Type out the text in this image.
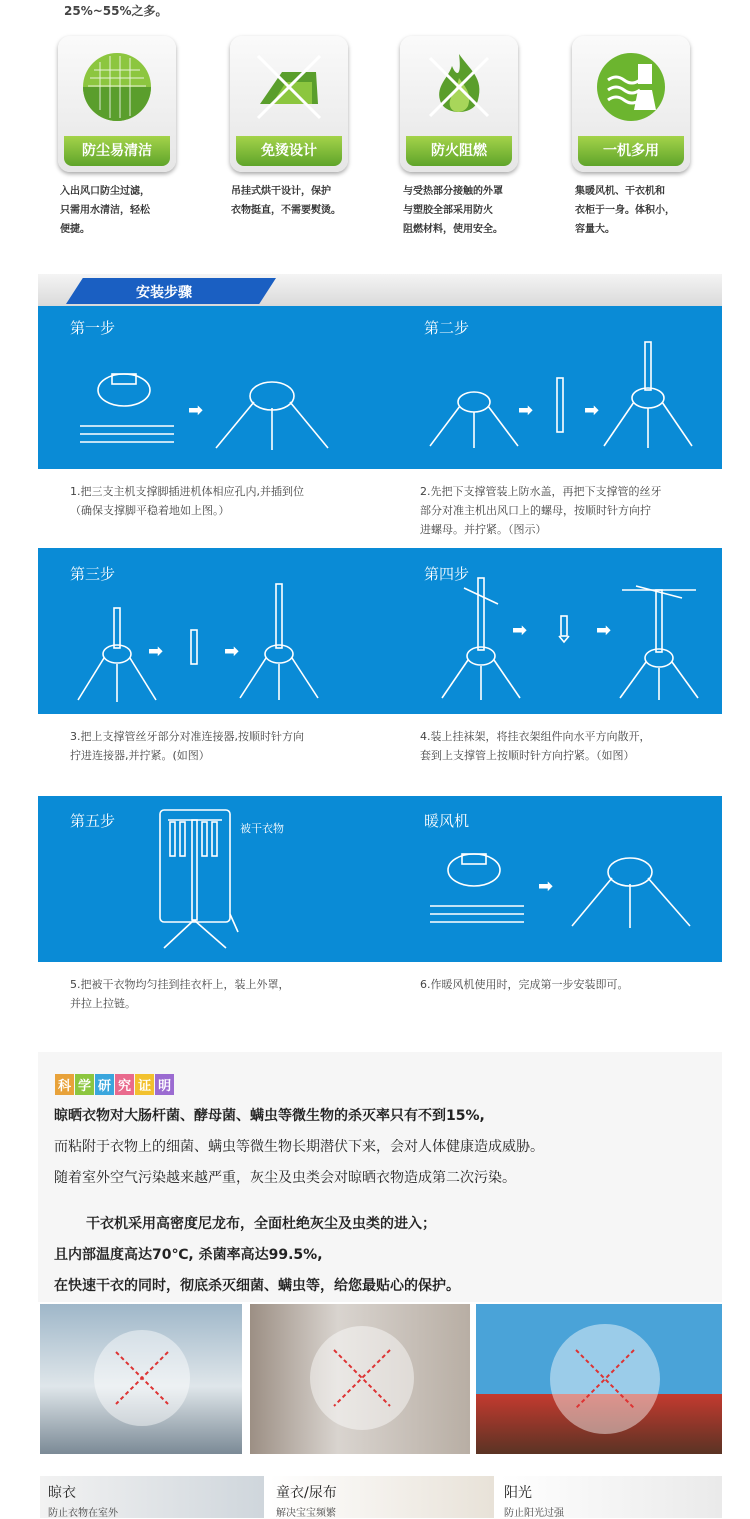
25%~55%之多。
防尘易清洁	免烫设计	防火阻燃	一机多用
入出风口防尘过滤，
只需用水清洁，轻松
便捷。
吊挂式烘干设计，保护
衣物挺直，不需要熨烫。
与受热部分接触的外罩
与塑胶全部采用防火
阻燃材料，使用安全。
集暖风机、干衣机和
衣柜于一身。体积小，
容量大。
安装步骤
第一步	第二步
➡	➡	➡
1.把三支主机支撑脚插进机体相应孔内,并插到位
（确保支撑脚平稳着地如上图。）
2.先把下支撑管装上防水盖，再把下支撑管的丝牙
部分对准主机出风口上的螺母，按顺时针方向拧
进螺母。并拧紧。（图示）
第三步	第四步
➡	➡
➡	➡
3.把上支撑管丝牙部分对准连接器,按顺时针方向
拧进连接器,并拧紧。(如图）
4.装上挂袜架，将挂衣架组件向水平方向散开，
套到上支撑管上按顺时针方向拧紧。（如图）
第五步	暖风机
被干衣物
➡
5.把被干衣物均匀挂到挂衣杆上，装上外罩，
并拉上拉链。
6.作暖风机使用时，完成第一步安装即可。
科 学 研 究 证 明
晾晒衣物对大肠杆菌、酵母菌、螨虫等微生物的杀灭率只有不到15%,
而粘附于衣物上的细菌、螨虫等微生物长期潜伏下来，会对人体健康造成威胁。
随着室外空气污染越来越严重，灰尘及虫类会对晾晒衣物造成第二次污染。
干衣机采用高密度尼龙布，全面杜绝灰尘及虫类的进入；
且内部温度高达70℃, 杀菌率高达99.5%,
在快速干衣的同时，彻底杀灭细菌、螨虫等，给您最贴心的保护。
晾衣
防止衣物在室外
童衣/尿布
解决宝宝频繁
阳光
防止阳光过强
